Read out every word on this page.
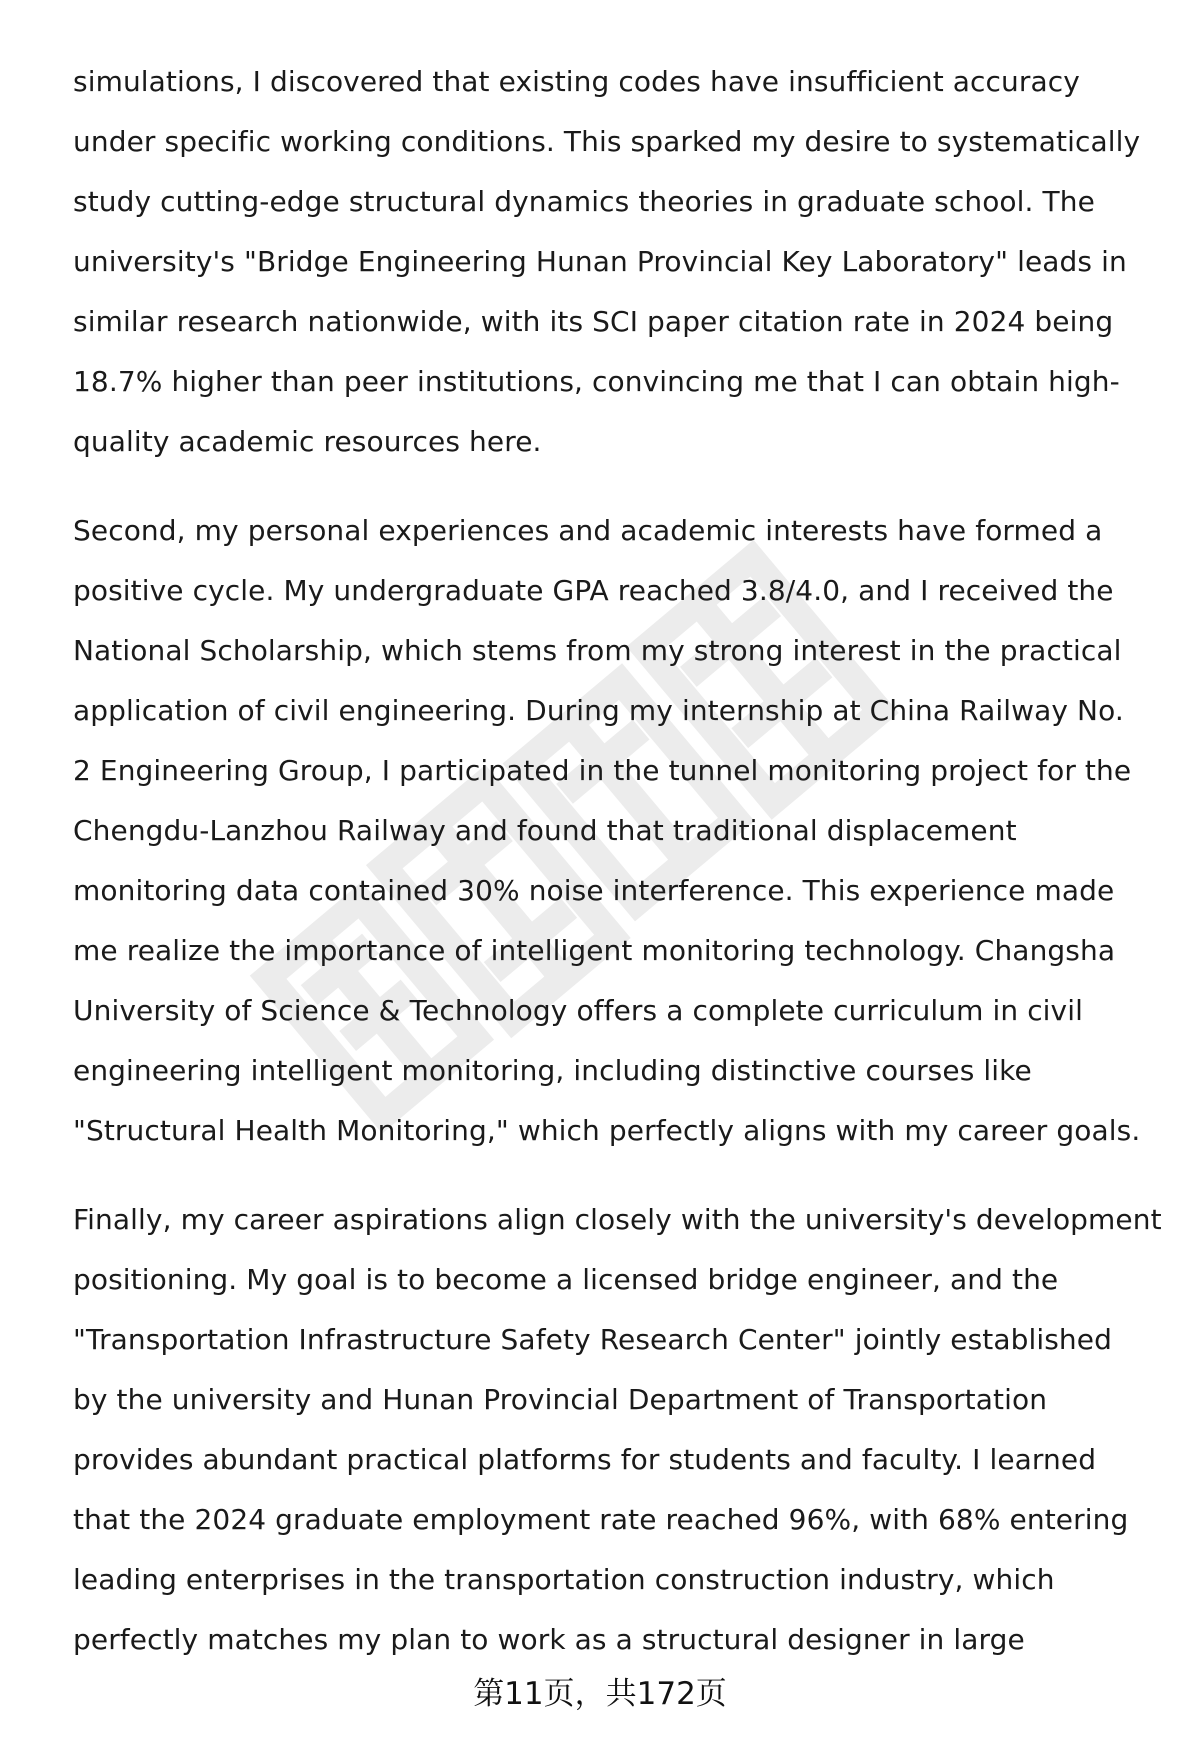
simulations, I discovered that existing codes have insufficient accuracy
under specific working conditions. This sparked my desire to systematically
study cutting-edge structural dynamics theories in graduate school. The
university's "Bridge Engineering Hunan Provincial Key Laboratory" leads in
similar research nationwide, with its SCI paper citation rate in 2024 being
18.7% higher than peer institutions, convincing me that I can obtain high-
quality academic resources here.
Second, my personal experiences and academic interests have formed a
positive cycle. My undergraduate GPA reached 3.8/4.0, and I received the
National Scholarship, which stems from my strong interest in the practical
application of civil engineering. During my internship at China Railway No.
2 Engineering Group, I participated in the tunnel monitoring project for the
Chengdu-Lanzhou Railway and found that traditional displacement
monitoring data contained 30% noise interference. This experience made
me realize the importance of intelligent monitoring technology. Changsha
University of Science & Technology offers a complete curriculum in civil
engineering intelligent monitoring, including distinctive courses like
"Structural Health Monitoring," which perfectly aligns with my career goals.
Finally, my career aspirations align closely with the university's development
positioning. My goal is to become a licensed bridge engineer, and the
"Transportation Infrastructure Safety Research Center" jointly established
by the university and Hunan Provincial Department of Transportation
provides abundant practical platforms for students and faculty. I learned
that the 2024 graduate employment rate reached 96%, with 68% entering
leading enterprises in the transportation construction industry, which
perfectly matches my plan to work as a structural designer in large
第11页，共172页
